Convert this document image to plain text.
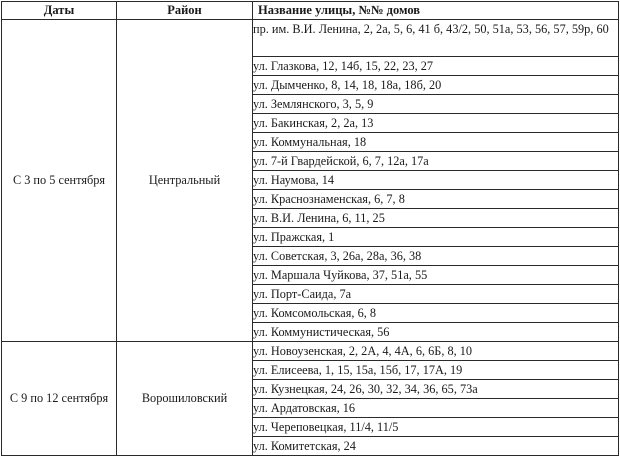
Даты	Район	Название улицы, №№ домов
С 3 по 5 сентября	Центральный	пр. им. В.И. Ленина, 2, 2а, 5, 6, 41 б, 43/2, 50, 51а, 53, 56, 57, 59р, 60
		ул. Глазкова, 12, 14б, 15, 22, 23, 27
		ул. Дымченко, 8, 14, 18, 18а, 18б, 20
		ул. Землянского, 3, 5, 9
		ул. Бакинская, 2, 2а, 13
		ул. Коммунальная, 18
		ул. 7-й Гвардейской, 6, 7, 12а, 17а
		ул. Наумова, 14
		ул. Краснознаменская, 6, 7, 8
		ул. В.И. Ленина, 6, 11, 25
		ул. Пражская, 1
		ул. Советская, 3, 26а, 28а, 36, 38
		ул. Маршала Чуйкова, 37, 51а, 55
		ул. Порт-Саида, 7а
		ул. Комсомольская, 6, 8
		ул. Коммунистическая, 56
С 9 по 12 сентября	Ворошиловский	ул. Новоузенская, 2, 2А, 4, 4А, 6, 6Б, 8, 10
		ул. Елисеева, 1, 15, 15а, 15б, 17, 17А, 19
		ул. Кузнецкая, 24, 26, 30, 32, 34, 36, 65, 73а
		ул. Ардатовская, 16
		ул. Череповецкая, 11/4, 11/5
		ул. Комитетская, 24
